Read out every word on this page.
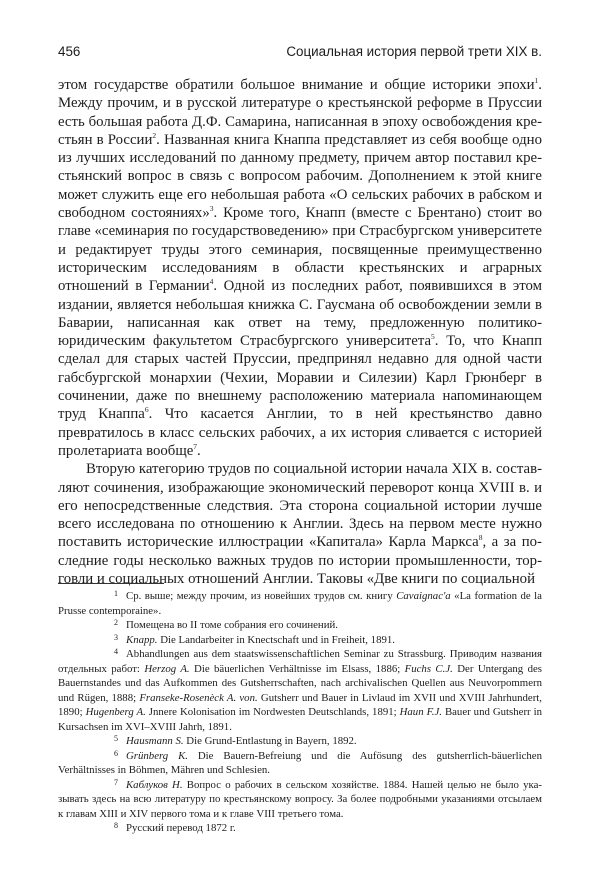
456	Социальная история первой трети XIX в.

этом государстве обратили большое внимание и общие историки эпохи$^1$. Между прочим, и в русской литературе о крестьянской реформе в Пруссии есть большая работа Д.Ф. Самарина, написанная в эпоху освобождения крестьян в России$^2$. Названная книга Кнаппа представляет из себя вообще одно из лучших исследований по данному предмету, причем автор поставил крестьянский вопрос в связь с вопросом рабочим. Дополнением к этой книге может служить еще его небольшая работа «О сельских рабочих в рабском и свободном состояниях»$^3$. Кроме того, Кнапп (вместе с Брентано) стоит во главе «семинария по государствоведению» при Страсбургском университете и редактирует труды этого семинария, посвященные преимущественно историческим исследованиям в области крестьянских и аграрных отношений в Германии$^4$. Одной из последних работ, появившихся в этом издании, является небольшая книжка С. Гаусмана об освобождении земли в Баварии, написанная как ответ на тему, предложенную политико-юридическим факультетом Страсбургского университета$^5$. То, что Кнапп сделал для старых частей Пруссии, предпринял недавно для одной части габсбургской монархии (Чехии, Моравии и Силезии) Карл Грюнберг в сочинении, даже по внешнему расположению материала напоминающем труд Кнаппа$^6$. Что касается Англии, то в ней крестьянство давно превратилось в класс сельских рабочих, а их история сливается с историей пролетариата вообще$^7$.

Вторую категорию трудов по социальной истории начала XIX в. составляют сочинения, изображающие экономический переворот конца XVIII в. и его непосредственные следствия. Эта сторона социальной истории лучше всего исследована по отношению к Англии. Здесь на первом месте нужно поставить исторические иллюстрации «Капитала» Карла Маркса$^8$, а за последние годы несколько важных трудов по истории промышленности, торговли и социальных отношений Англии. Таковы «Две книги по социальной

1 Ср. выше; между прочим, из новейших трудов см. книгу Cavaignac'a «La formation de la Prusse contemporaine».

2 Помещена во II томе собрания его сочинений.

3 Knapp. Die Landarbeiter in Knectschaft und in Freiheit, 1891.

4 Abhandlungen aus dem staatswissenschaftlichen Seminar zu Strassburg. Приводим названия отдельных работ: Herzog A. Die bäuerlichen Verhältnisse im Elsass, 1886; Fuchs C.J. Der Untergang des Bauernstandes und das Aufkommen des Gutsherrschaften, nach archivalischen Quellen aus Neuvorpommern und Rügen, 1888; Franseke-Rosenèck A. von. Gutsherr und Bauer in Livlaud im XVII und XVIII Jahrhundert, 1890; Hugenberg A. Jnnere Kolonisation im Nordwesten Deutschlands, 1891; Haun F.J. Bauer und Gutsherr in Kursachsen im XVI–XVIII Jahrh, 1891.

5 Hausmann S. Die Grund-Entlastung in Bayern, 1892.

6 Grünberg K. Die Bauern-Befreiung und die Aufösung des gutsherrlich-bäuerlichen Verhältnisses in Böhmen, Mähren und Schlesien.

7 Каблуков Н. Вопрос о рабочих в сельском хозяйстве. 1884. Нашей целью не было указывать здесь на всю литературу по крестьянскому вопросу. За более подробными указаниями отсылаем к главам XIII и XIV первого тома и к главе VIII третьего тома.

8 Русский перевод 1872 г.
